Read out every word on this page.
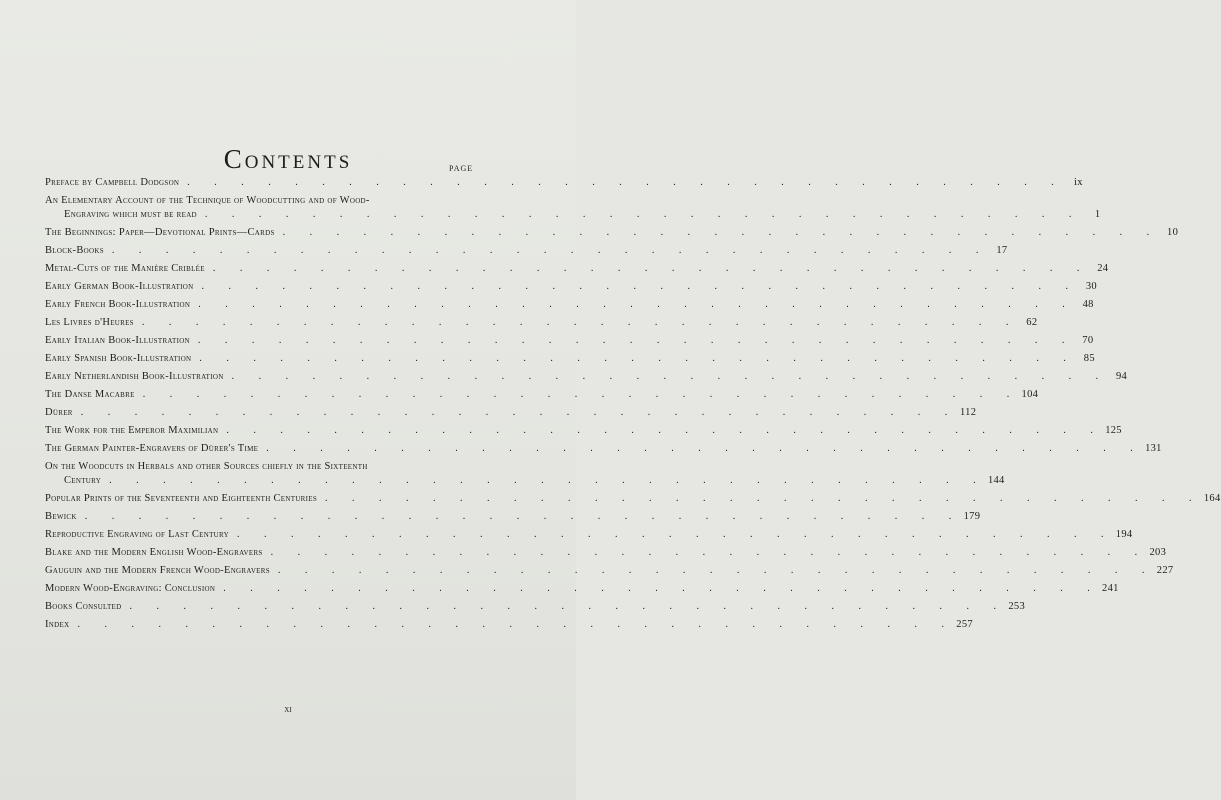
Contents	PAGE
Preface by Campbell Dodgson . . .	ix
An Elementary Account of the Technique of Woodcutting and of Wood-
Engraving which must be read . . .	1
The Beginnings: Paper—Devotional Prints—Cards . . .	10
Block-Books . . .	17
Metal-Cuts of the Manière Criblée . . .	24
Early German Book-Illustration . . .	30
Early French Book-Illustration . . .	48
Les Livres d'Heures . . .	62
Early Italian Book-Illustration . . .	70
Early Spanish Book-Illustration . . .	85
Early Netherlandish Book-Illustration . . .	94
The Danse Macabre . . .	104
Dürer . . .	112
The Work for the Emperor Maximilian . . .	125
The German Painter-Engravers of Dürer's Time . . .	131
On the Woodcuts in Herbals and other Sources chiefly in the Sixteenth
Century . . .	144
Popular Prints of the Seventeenth and Eighteenth Centuries . . .	164
Bewick . . .	179
Reproductive Engraving of Last Century . . .	194
Blake and the Modern English Wood-Engravers . . .	203
Gauguin and the Modern French Wood-Engravers . . .	227
Modern Wood-Engraving: Conclusion . . .	241
Books Consulted . . .	253
Index . . .	257
xi
